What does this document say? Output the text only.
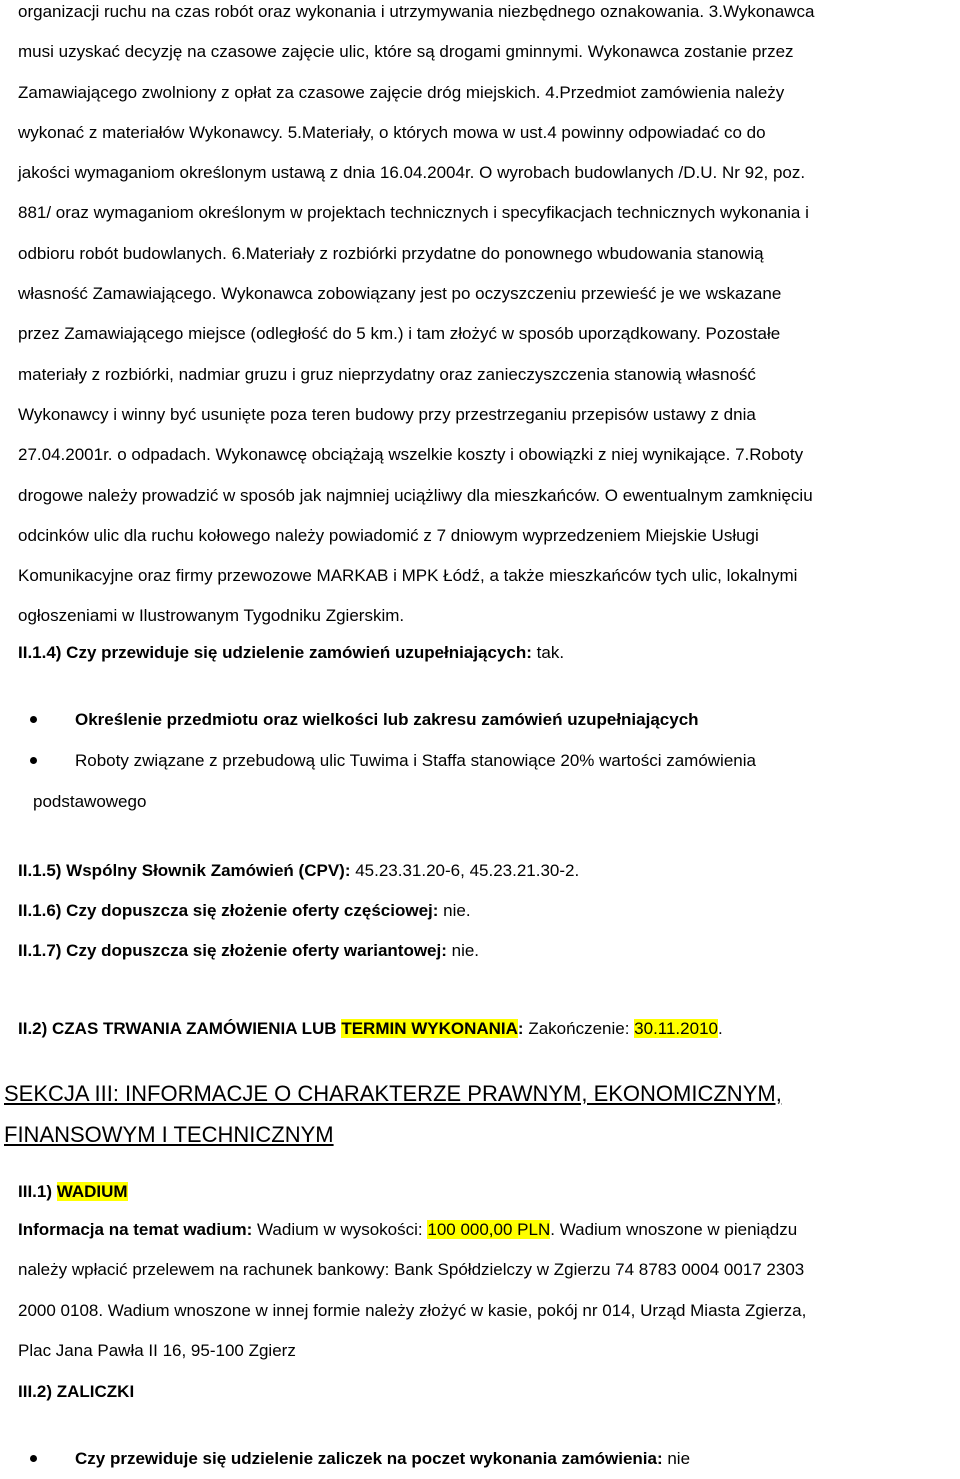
organizacji ruchu na czas robót oraz wykonania i utrzymywania niezbędnego oznakowania. 3.Wykonawca
musi uzyskać decyzję na czasowe zajęcie ulic, które są drogami gminnymi. Wykonawca zostanie przez
Zamawiającego zwolniony z opłat za czasowe zajęcie dróg miejskich. 4.Przedmiot zamówienia należy
wykonać z materiałów Wykonawcy. 5.Materiały, o których mowa w ust.4 powinny odpowiadać co do
jakości wymaganiom określonym ustawą z dnia 16.04.2004r. O wyrobach budowlanych /D.U. Nr 92, poz.
881/ oraz wymaganiom określonym w projektach technicznych i specyfikacjach technicznych wykonania i
odbioru robót budowlanych. 6.Materiały z rozbiórki przydatne do ponownego wbudowania stanowią
własność Zamawiającego. Wykonawca zobowiązany jest po oczyszczeniu przewieść je we wskazane
przez Zamawiającego miejsce (odległość do 5 km.) i tam złożyć w sposób uporządkowany. Pozostałe
materiały z rozbiórki, nadmiar gruzu i gruz nieprzydatny oraz zanieczyszczenia stanowią własność
Wykonawcy i winny być usunięte poza teren budowy przy przestrzeganiu przepisów ustawy z dnia
27.04.2001r. o odpadach. Wykonawcę obciążają wszelkie koszty i obowiązki z niej wynikające. 7.Roboty
drogowe należy prowadzić w sposób jak najmniej uciążliwy dla mieszkańców. O ewentualnym zamknięciu
odcinków ulic dla ruchu kołowego należy powiadomić z 7 dniowym wyprzedzeniem Miejskie Usługi
Komunikacyjne oraz firmy przewozowe MARKAB i MPK Łódź, a także mieszkańców tych ulic, lokalnymi
ogłoszeniami w Ilustrowanym Tygodniku Zgierskim.

II.1.4) Czy przewiduje się udzielenie zamówień uzupełniających: tak.

Określenie przedmiotu oraz wielkości lub zakresu zamówień uzupełniających
Roboty związane z przebudową ulic Tuwima i Staffa stanowiące 20% wartości zamówienia

podstawowego

II.1.5) Wspólny Słownik Zamówień (CPV): 45.23.31.20-6, 45.23.21.30-2.

II.1.6) Czy dopuszcza się złożenie oferty częściowej: nie.

II.1.7) Czy dopuszcza się złożenie oferty wariantowej: nie.

II.2) CZAS TRWANIA ZAMÓWIENIA LUB TERMIN WYKONANIA: Zakończenie: 30.11.2010.

SEKCJA III: INFORMACJE O CHARAKTERZE PRAWNYM, EKONOMICZNYM,

FINANSOWYM I TECHNICZNYM

III.1) WADIUM

Informacja na temat wadium: Wadium w wysokości: 100 000,00 PLN. Wadium wnoszone w pieniądzu
należy wpłacić przelewem na rachunek bankowy: Bank Spółdzielczy w Zgierzu 74 8783 0004 0017 2303
2000 0108. Wadium wnoszone w innej formie należy złożyć w kasie, pokój nr 014, Urząd Miasta Zgierza,
Plac Jana Pawła II 16, 95-100 Zgierz

III.2) ZALICZKI

Czy przewiduje się udzielenie zaliczek na poczet wykonania zamówienia: nie
